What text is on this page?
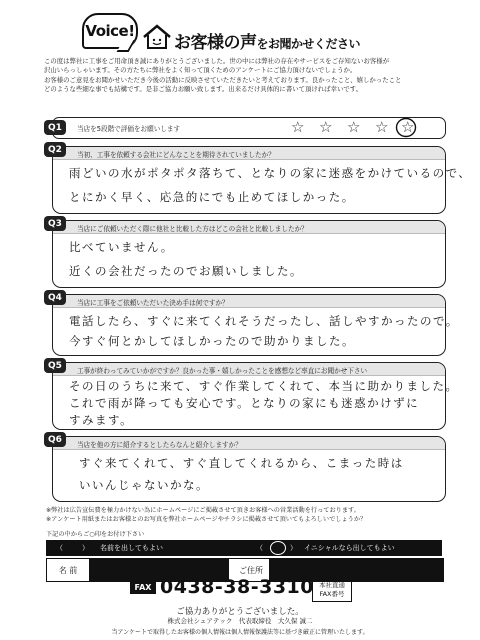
Voice!
お客様の声をお聞かせください
この度は弊社に工事をご用命頂き誠にありがとうございました。世の中には弊社の存在やサービスをご存知ないお客様が
沢山いらっしゃいます。その方たちに弊社をよく知って頂くためのアンケートにご協力頂けないでしょうか。
お客様のご意見をお聞かせいただき今後の活動に反映させていただきたいと考えております。良かったこと、嬉しかったこと
どのような些細な事でも結構です。是非ご協力お願い致します。出来るだけ具体的に書いて頂ければ幸いです。
Q1	当店を5段階で評価をお願いします	☆ ☆ ☆ ☆ ☆
Q2
当初、工事を依頼する会社にどんなことを期待されていましたか？
雨どいの水がポタポタ落ちて、となりの家に迷惑をかけているので、
とにかく早く、応急的にでも止めてほしかった。
Q3
当店にご依頼いただく際に他社と比較した方はどこの会社と比較しましたか？
比べていません。
近くの会社だったのでお願いしました。
Q4
当店に工事をご依頼いただいた決め手は何ですか？
電話したら、すぐに来てくれそうだったし、話しやすかったので。
今すぐ何とかしてほしかったので助かりました。
Q5
工事が終わってみていかがですか？良かった事・嬉しかったことを感想など率直にお聞かせ下さい
その日のうちに来て、すぐ作業してくれて、本当に助かりました。
これで雨が降っても安心です。となりの家にも迷惑かけずに
すみます。
Q6
当店を他の方に紹介するとしたらなんと紹介しますか？
すぐ来てくれて、すぐ直してくれるから、こまった時は
いいんじゃないかな。
※弊社は広告宣伝費を極力かけない為にホームページにご掲載させて頂きお客様への営業活動を行っております。
※アンケート用紙またはお客様とのお写真を弊社ホームページやチラシに掲載させて頂いてもよろしいでしょうか？
下記の中からご○印をお付け下さい
（	） 名前を出してもよい	（	） イニシャルなら出してもよい
名 前	ご住所
FAX 0438-38-3310 本社直通
FAX番号
ご協力ありがとうございました。
株式会社シェアテック　代表取締役　大久保 誠二
当アンケートで取得したお客様の個人情報は個人情報保護法等に基づき厳正に管理いたします。
